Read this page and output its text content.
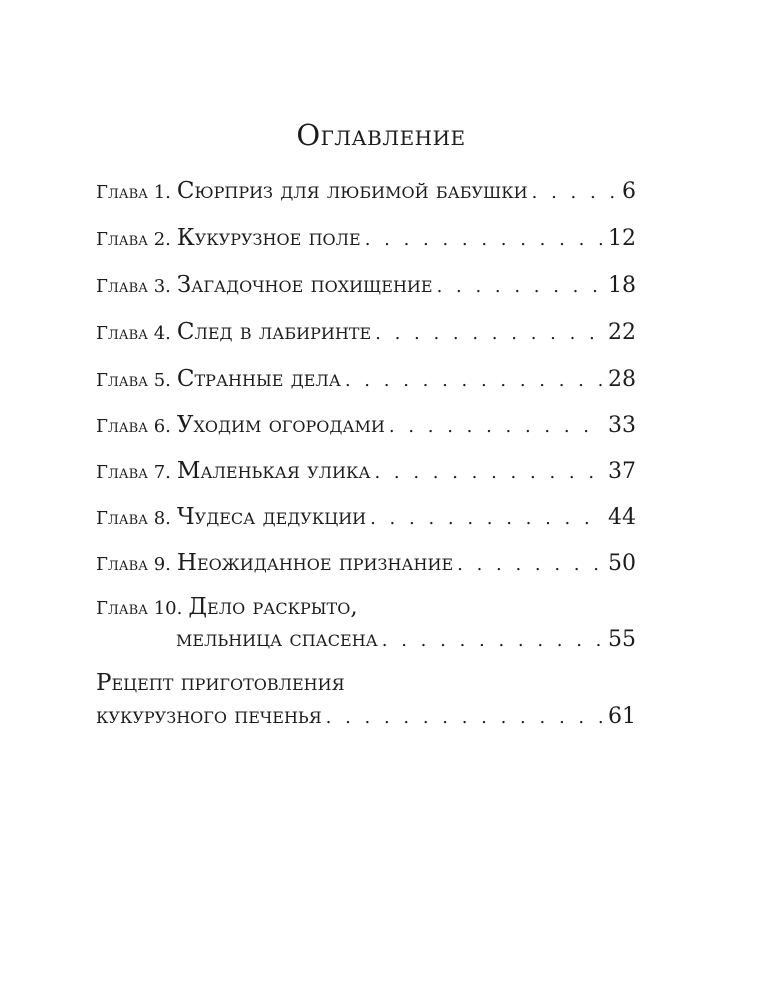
Оглавление
Глава 1. Сюрприз для любимой бабушки . . .	6
Глава 2. Кукурузное поле . . .	12
Глава 3. Загадочное похищение . . .	18
Глава 4. След в лабиринте . . .	22
Глава 5. Странные дела . . .	28
Глава 6. Уходим огородами . . .	33
Глава 7. Маленькая улика . . .	37
Глава 8. Чудеса дедукции . . .	44
Глава 9. Неожиданное признание . . .	50
Глава 10. Дело раскрыто,
мельница спасена . . .	55
Рецепт приготовления
кукурузного печенья . . .	61
